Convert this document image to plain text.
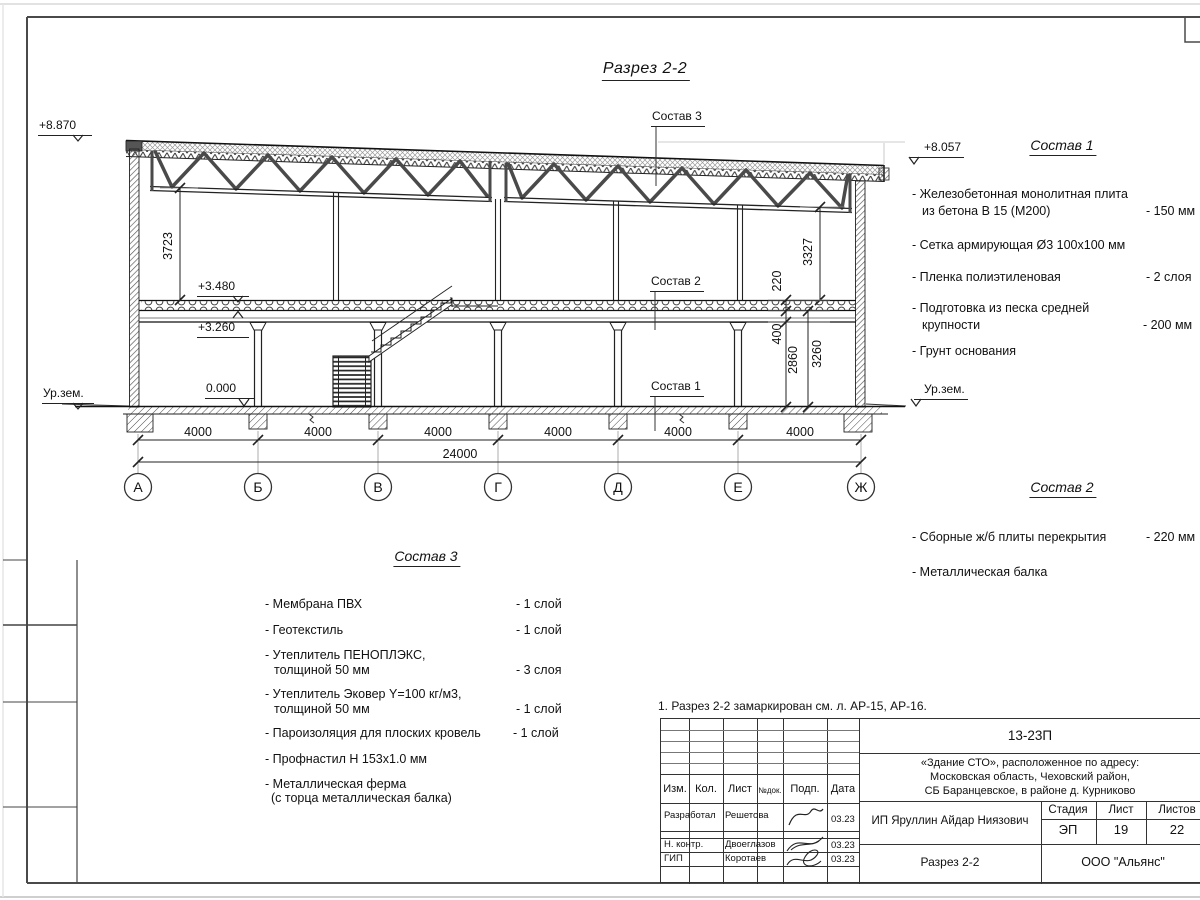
3723	3327
220
400
2860 3260
4000	4000	4000	4000	4000	4000
24000
А	Б	В	Г	Д	Е	Ж
Разрез 2-2
+8.870
Ур.зем.
+8.057
Ур.зем.
+3.480
+3.260
0.000
Состав 3
Состав 2
Состав 1
Состав 1
- Железобетонная монолитная плита
из бетона В 15 (М200)	- 150 мм
- Сетка армирующая Ø3 100х100 мм
- Пленка полиэтиленовая	- 2 слоя
- Подготовка из песка средней
крупности	- 200 мм
- Грунт основания
Состав 2
- Сборные ж/б плиты перекрытия	- 220 мм
- Металлическая балка
Состав 3
- Мембрана ПВХ	- 1 слой
- Геотекстиль	- 1 слой
- Утеплитель ПЕНОПЛЭКС,
толщиной 50 мм	- 3 слоя
- Утеплитель Эковер Y=100 кг/м3,
толщиной 50 мм	- 1 слой
- Пароизоляция для плоских кровель	- 1 слой
- Профнастил Н 153х1.0 мм
- Металлическая ферма
(с торца металлическая балка)
1. Разрез 2-2 замаркирован см. л. АР-15, АР-16.
Изм. Кол. Лист №док. Подп. Дата
Разработал Решетова	03.23
Н. контр. Двоеглазов	03.23
ГИП	Коротаев	03.23
13-23П
«Здание СТО», расположенное по адресу:
Московская область, Чеховский район,
СБ Баранцевское, в районе д. Курниково
ИП Яруллин Айдар Ниязович
Стадия Лист Листов
ЭП	19	22
Разрез 2-2	ООО "Альянс"
